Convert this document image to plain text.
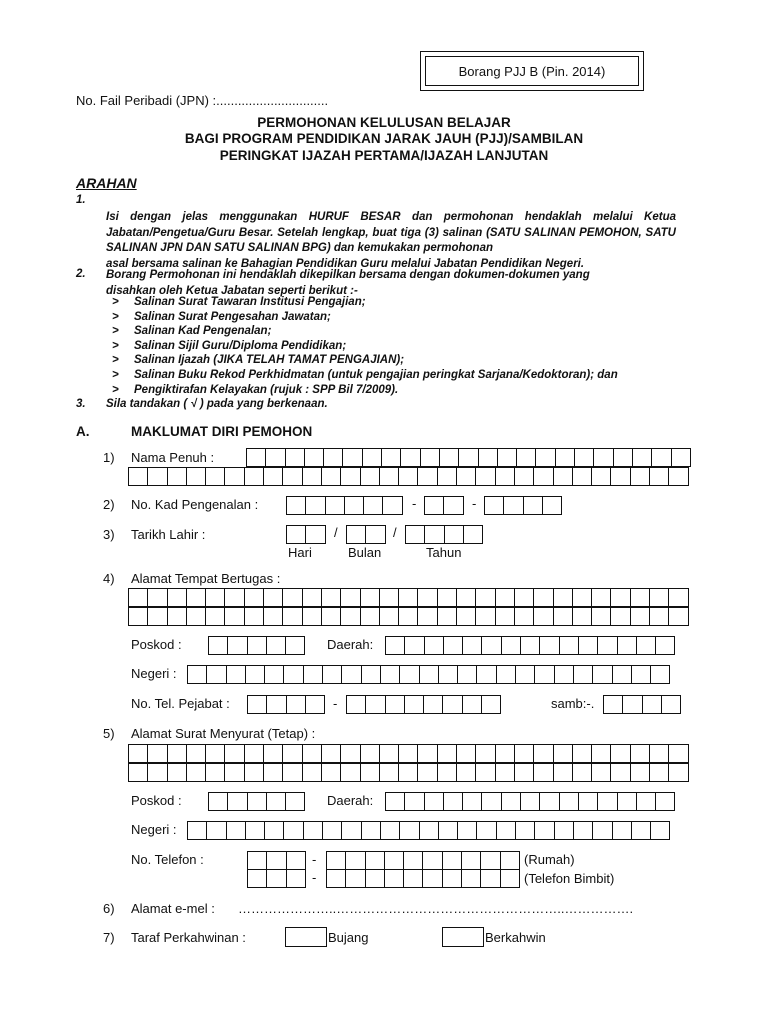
Borang PJJ B (Pin. 2014)
No. Fail Peribadi (JPN) :...............................
PERMOHONAN KELULUSAN BELAJAR
BAGI PROGRAM PENDIDIKAN JARAK JAUH (PJJ)/SAMBILAN
PERINGKAT IJAZAH PERTAMA/IJAZAH LANJUTAN
ARAHAN
1.
Isi dengan jelas menggunakan HURUF BESAR dan permohonan hendaklah melalui Ketua Jabatan/Pengetua/Guru Besar. Setelah lengkap, buat tiga (3) salinan (SATU SALINAN PEMOHON, SATU SALINAN JPN DAN SATU SALINAN BPG) dan kemukakan permohonan
asal bersama salinan ke Bahagian Pendidikan Guru melalui Jabatan Pendidikan Negeri.
2. Borang Permohonan ini hendaklah dikepilkan bersama dengan dokumen-dokumen yang
disahkan oleh Ketua Jabatan seperti berikut :-
> Salinan Surat Tawaran Institusi Pengajian;
> Salinan Surat Pengesahan Jawatan;
> Salinan Kad Pengenalan;
> Salinan Sijil Guru/Diploma Pendidikan;
> Salinan Ijazah (JIKA TELAH TAMAT PENGAJIAN);
> Salinan Buku Rekod Perkhidmatan (untuk pengajian peringkat Sarjana/Kedoktoran); dan
> Pengiktirafan Kelayakan (rujuk : SPP Bil 7/2009).
3. Sila tandakan ( √ ) pada yang berkenaan.
A.	MAKLUMAT DIRI PEMOHON
1) Nama Penuh :
2) No. Kad Pengenalan :	-	-
3) Tarikh Lahir :	/	/
Hari	Bulan	Tahun
4) Alamat Tempat Bertugas :
Poskod :	Daerah:
Negeri :
No. Tel. Pejabat :	-	samb:-.
5) Alamat Surat Menyurat (Tetap) :
Poskod :	Daerah:
Negeri :
No. Telefon :	-	(Rumah)
-	(Telefon Bimbit)
6) Alamat e-mel : …………………..……………………………………………..…………….
7) Taraf Perkahwinan :	Bujang	Berkahwin
